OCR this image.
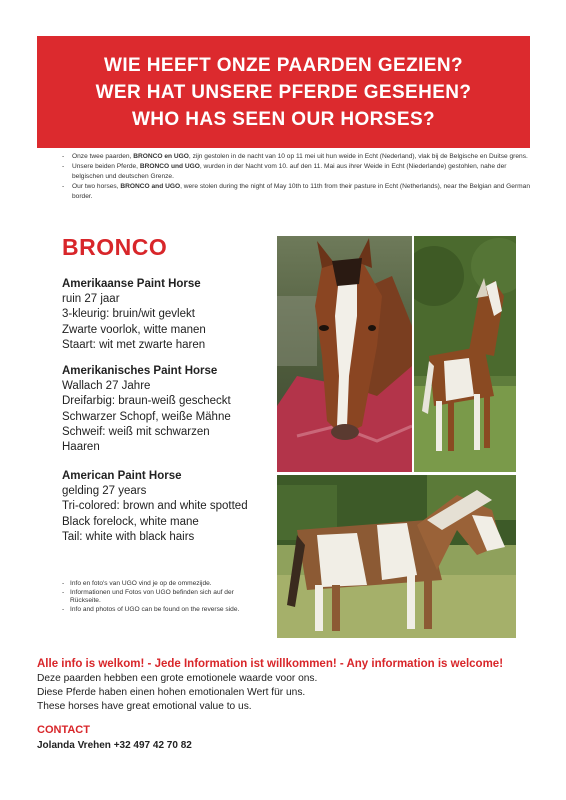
WIE HEEFT ONZE PAARDEN GEZIEN?
WER HAT UNSERE PFERDE GESEHEN?
WHO HAS SEEN OUR HORSES?
- Onze twee paarden, BRONCO en UGO, zijn gestolen in de nacht van 10 op 11 mei uit hun weide in Echt (Nederland), vlak bij de Belgische en Duitse grens.
- Unsere beiden Pferde, BRONCO und UGO, wurden in der Nacht vom 10. auf den 11. Mai aus ihrer Weide in Echt (Niederlande) gestohlen, nahe der belgischen und deutschen Grenze.
- Our two horses, BRONCO and UGO, were stolen during the night of May 10th to 11th from their pasture in Echt (Netherlands), near the Belgian and German border.
BRONCO
Amerikaanse Paint Horse
ruin 27 jaar
3-kleurig: bruin/wit gevlekt
Zwarte voorlok, witte manen
Staart: wit met zwarte haren
Amerikanisches Paint Horse
Wallach 27 Jahre
Dreifarbig: braun-weiß gescheckt
Schwarzer Schopf, weiße Mähne
Schweif: weiß mit schwarzen
Haaren
American Paint Horse
gelding 27 years
Tri-colored: brown and white spotted
Black forelock, white mane
Tail: white with black hairs
- Info en foto's van UGO vind je op de ommezijde.
- Informationen und Fotos von UGO befinden sich auf der Rückseite.
- Info and photos of UGO can be found on the reverse side.
Alle info is welkom! - Jede Information ist willkommen! - Any information is welcome!
Deze paarden hebben een grote emotionele waarde voor ons.
Diese Pferde haben einen hohen emotionalen Wert für uns.
These horses have great emotional value to us.
CONTACT
Jolanda Vrehen +32 497 42 70 82
